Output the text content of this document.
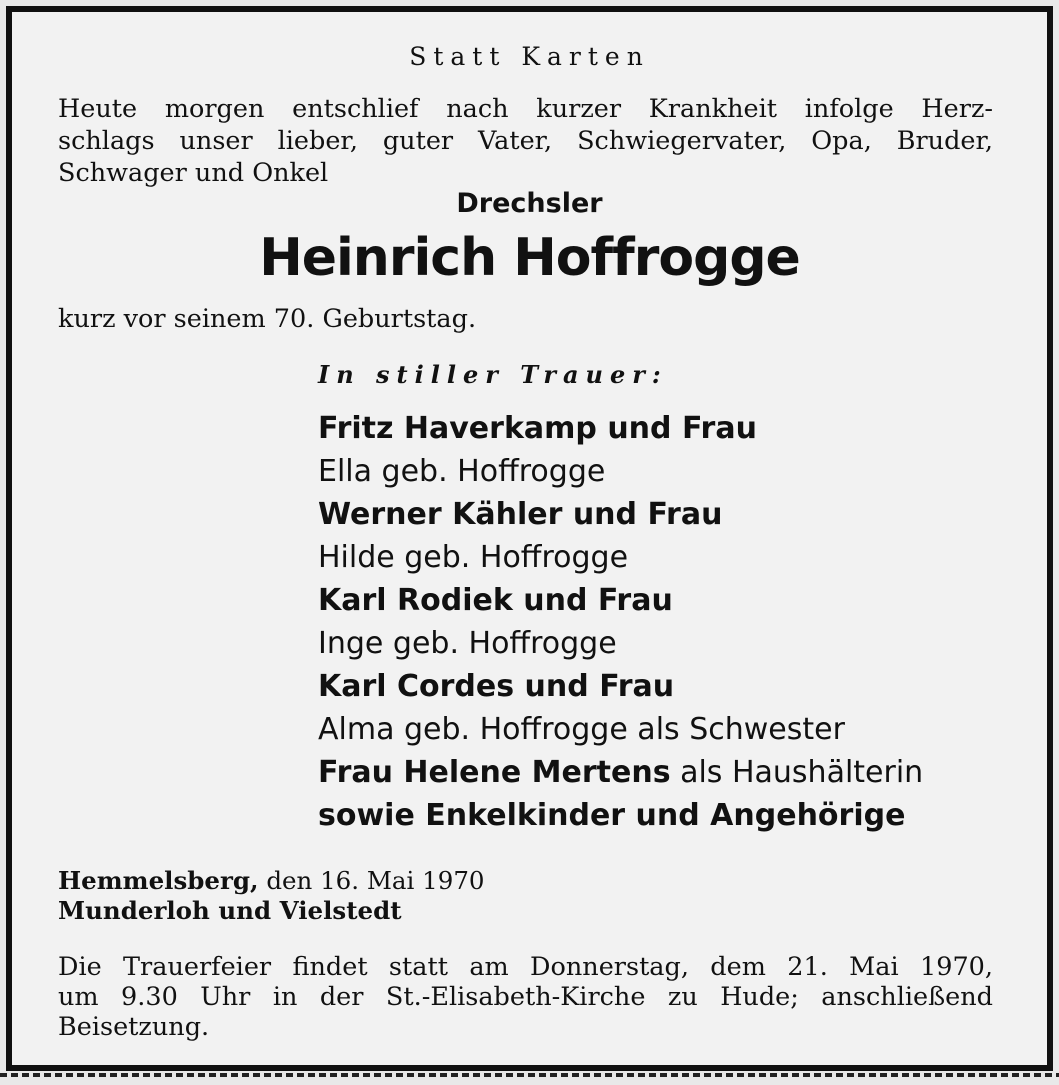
Statt Karten
Heute morgen entschlief nach kurzer Krankheit infolge Herz-
schlags unser lieber, guter Vater, Schwiegervater, Opa, Bruder,
Schwager und Onkel
Drechsler
Heinrich Hoffrogge
kurz vor seinem 70. Geburtstag.
In stiller Trauer:
Fritz Haverkamp und Frau
Ella geb. Hoffrogge
Werner Kähler und Frau
Hilde geb. Hoffrogge
Karl Rodiek und Frau
Inge geb. Hoffrogge
Karl Cordes und Frau
Alma geb. Hoffrogge als Schwester
Frau Helene Mertens als Haushälterin
sowie Enkelkinder und Angehörige
Hemmelsberg, den 16. Mai 1970
Munderloh und Vielstedt
Die Trauerfeier findet statt am Donnerstag, dem 21. Mai 1970,
um 9.30 Uhr in der St.-Elisabeth-Kirche zu Hude; anschließend
Beisetzung.
